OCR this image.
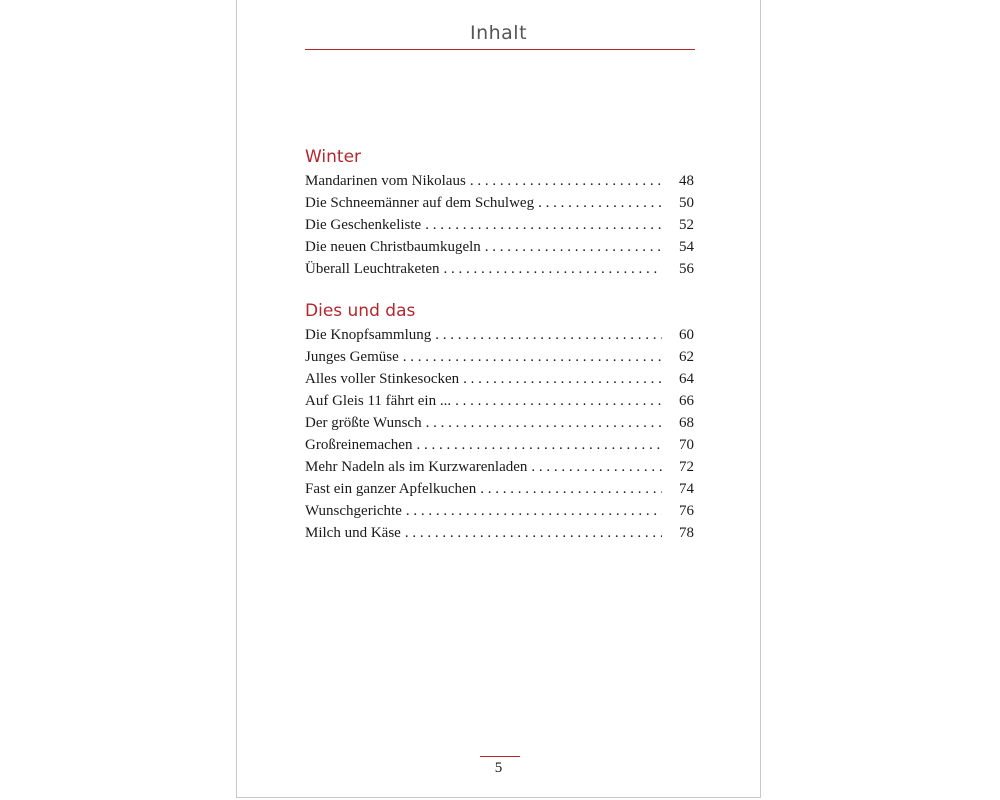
Inhalt
Winter
Mandarinen vom Nikolaus . . .	48
Die Schneemänner auf dem Schulweg . . .	50
Die Geschenkeliste . . .	52
Die neuen Christbaumkugeln . . .	54
Überall Leuchtraketen . . .	56
Dies und das
Die Knopfsammlung . . .	60
Junges Gemüse . . .	62
Alles voller Stinkesocken . . .	64
Auf Gleis 11 fährt ein ... . . .	66
Der größte Wunsch . . .	68
Großreinemachen . . .	70
Mehr Nadeln als im Kurzwarenladen . . .	72
Fast ein ganzer Apfelkuchen . . .	74
Wunschgerichte . . .	76
Milch und Käse . . .	78
5
